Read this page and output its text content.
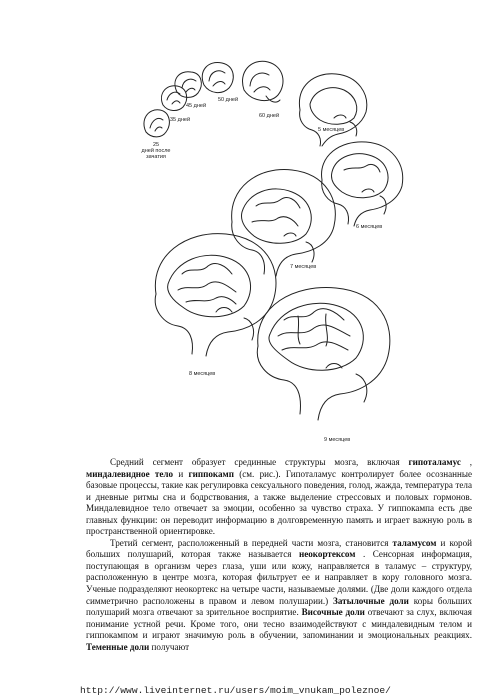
25
дней после
зачатия
35 дней
45 дней
50 дней
60 дней
5 месяцев
6 месяцев
7 месяцев
8 месяцев
9 месяцев

Средний сегмент образует срединные структуры мозга, включая гипоталамус , миндалевидное тело и гиппокамп (см. рис.). Гипоталамус контролирует более осознанные базовые процессы, такие как регулировка сексуального поведения, голод, жажда, температура тела и дневные ритмы сна и бодрствования, а также выделение стрессовых и половых гормонов. Миндалевидное тело отвечает за эмоции, особенно за чувство страха. У гиппокампа есть две главных функции: он переводит информацию в долговременную память и играет важную роль в пространственной ориентировке.

Третий сегмент, расположенный в передней части мозга, становится таламусом и корой больших полушарий, которая также называется неокортексом . Сенсорная информация, поступающая в организм через глаза, уши или кожу, направляется в таламус – структуру, расположенную в центре мозга, которая фильтрует ее и направляет в кору головного мозга. Ученые подразделяют неокортекс на четыре части, называемые долями. (Две доли каждого отдела симметрично расположены в правом и левом полушарии.) Затылочные доли коры больших полушарий мозга отвечают за зрительное восприятие. Височные доли отвечают за слух, включая понимание устной речи. Кроме того, они тесно взаимодействуют с миндалевидным телом и гиппокампом и играют значимую роль в обучении, запоминании и эмоциональных реакциях. Теменные доли получают

http://www.liveinternet.ru/users/moim_vnukam_poleznoe/
